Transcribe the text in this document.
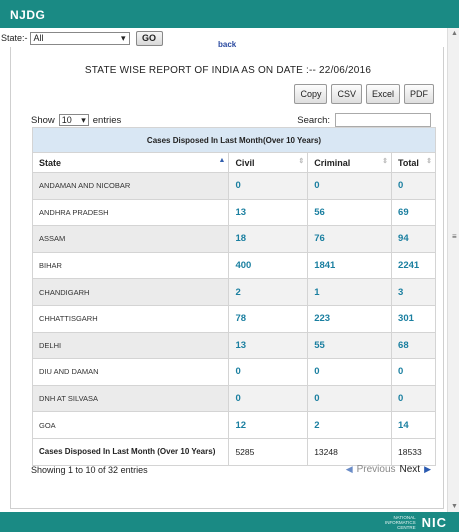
NJDG
State:- All	▾	GO
back
▲
≡
▼
STATE WISE REPORT OF INDIA AS ON DATE :-- 22/06/2016
Copy	CSV	Excel	PDF
Show 10 ▾ entries	Search:
Cases Disposed In Last Month(Over 10 Years)			
State ▲	Civil ⇕	Criminal ⇕	Total ⇕

ANDAMAN AND NICOBAR	0	0	0
ANDHRA PRADESH	13	56	69
ASSAM	18	76	94
BIHAR	400	1841	2241
CHANDIGARH	2	1	3
CHHATTISGARH	78	223	301
DELHI	13	55	68
DIU AND DAMAN	0	0	0
DNH AT SILVASA	0	0	0
GOA	12	2	14
Cases Disposed In Last Month (Over 10 Years)	5285	13248	18533
Showing 1 to 10 of 32 entries	◀ Previous Next ▶
NATIONAL
INFORMATICS
CENTRE NIC
